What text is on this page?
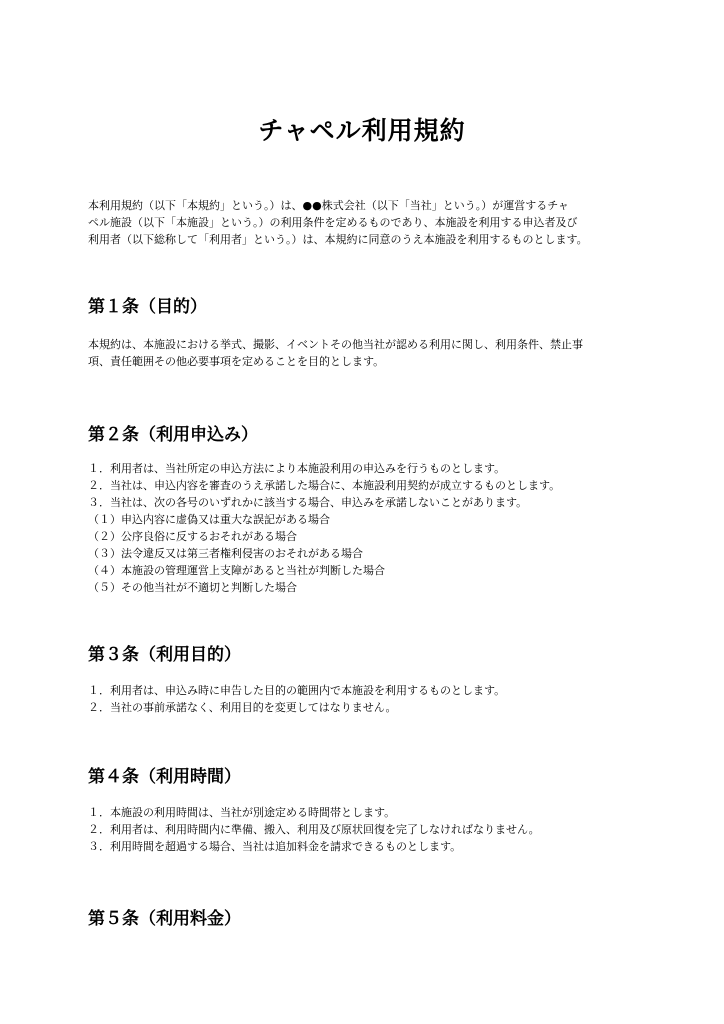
チャペル利用規約
本利用規約（以下「本規約」という。）は、●●株式会社（以下「当社」という。）が運営するチャ
ペル施設（以下「本施設」という。）の利用条件を定めるものであり、本施設を利用する申込者及び
利用者（以下総称して「利用者」という。）は、本規約に同意のうえ本施設を利用するものとします。
第１条（目的）
本規約は、本施設における挙式、撮影、イベントその他当社が認める利用に関し、利用条件、禁止事
項、責任範囲その他必要事項を定めることを目的とします。
第２条（利用申込み）
１．利用者は、当社所定の申込方法により本施設利用の申込みを行うものとします。
２．当社は、申込内容を審査のうえ承諾した場合に、本施設利用契約が成立するものとします。
３．当社は、次の各号のいずれかに該当する場合、申込みを承諾しないことがあります。
（１）申込内容に虚偽又は重大な誤記がある場合
（２）公序良俗に反するおそれがある場合
（３）法令違反又は第三者権利侵害のおそれがある場合
（４）本施設の管理運営上支障があると当社が判断した場合
（５）その他当社が不適切と判断した場合
第３条（利用目的）
１．利用者は、申込み時に申告した目的の範囲内で本施設を利用するものとします。
２．当社の事前承諾なく、利用目的を変更してはなりません。
第４条（利用時間）
１．本施設の利用時間は、当社が別途定める時間帯とします。
２．利用者は、利用時間内に準備、搬入、利用及び原状回復を完了しなければなりません。
３．利用時間を超過する場合、当社は追加料金を請求できるものとします。
第５条（利用料金）
